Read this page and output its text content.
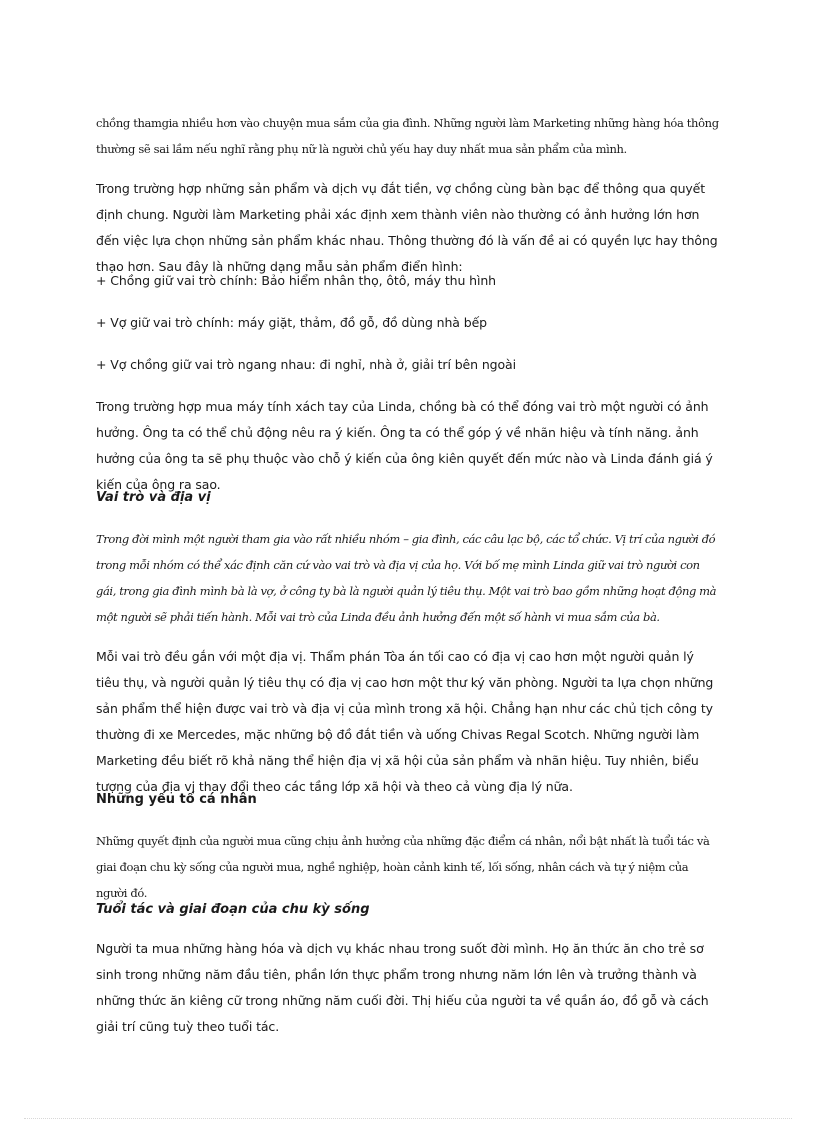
chồng thamgia nhiều hơn vào chuyện mua sắm của gia đình. Những người làm Marketing những hàng hóa thông thường sẽ sai lầm nếu nghĩ rằng phụ nữ là người chủ yếu hay duy nhất mua sản phẩm của mình.

Trong trường hợp những sản phẩm và dịch vụ đắt tiền, vợ chồng cùng bàn bạc để thông qua quyết định chung. Người làm Marketing phải xác định xem thành viên nào thường có ảnh hưởng lớn hơn đến việc lựa chọn những sản phẩm khác nhau. Thông thường đó là vấn đề ai có quyền lực hay thông thạo hơn. Sau đây là những dạng mẫu sản phẩm điển hình:

+ Chồng giữ vai trò chính: Bảo hiểm nhân thọ, ôtô, máy thu hình

+ Vợ giữ vai trò chính: máy giặt, thảm, đồ gỗ, đồ dùng nhà bếp

+ Vợ chồng giữ vai trò ngang nhau: đi nghỉ, nhà ở, giải trí bên ngoài

Trong trường hợp mua máy tính xách tay của Linda, chồng bà có thể đóng vai trò một người có ảnh hưởng. Ông ta có thể chủ động nêu ra ý kiến. Ông ta có thể góp ý về nhãn hiệu và tính năng. ảnh hưởng của ông ta sẽ phụ thuộc vào chỗ ý kiến của ông kiên quyết đến mức nào và Linda đánh giá ý kiến của ông ra sao.

Vai trò và địa vị

Trong đời mình một người tham gia vào rất nhiều nhóm – gia đình, các câu lạc bộ, các tổ chức. Vị trí của người đó trong mỗi nhóm có thể xác định căn cứ vào vai trò và địa vị của họ. Với bố mẹ mình Linda giữ vai trò người con gái, trong gia đình mình bà là vợ, ở công ty bà là người quản lý tiêu thụ. Một vai trò bao gồm những hoạt động mà một người sẽ phải tiến hành. Mỗi vai trò của Linda đều ảnh hưởng đến một số hành vi mua sắm của bà.

Mỗi vai trò đều gắn với một địa vị. Thẩm phán Tòa án tối cao có địa vị cao hơn một người quản lý tiêu thụ, và người quản lý tiêu thụ có địa vị cao hơn một thư ký văn phòng. Người ta lựa chọn những sản phẩm thể hiện được vai trò và địa vị của mình trong xã hội. Chẳng hạn như các chủ tịch công ty thường đi xe Mercedes, mặc những bộ đồ đắt tiền và uống Chivas Regal Scotch. Những người làm Marketing đều biết rõ khả năng thể hiện địa vị xã hội của sản phẩm và nhãn hiệu. Tuy nhiên, biểu tượng của địa vị thay đổi theo các tầng lớp xã hội và theo cả vùng địa lý nữa.

Những yếu tố cá nhân

Những quyết định của người mua cũng chịu ảnh hưởng của những đặc điểm cá nhân, nổi bật nhất là tuổi tác và giai đoạn chu kỳ sống của người mua, nghề nghiệp, hoàn cảnh kinh tế, lối sống, nhân cách và tự ý niệm của người đó.

Tuổi tác và giai đoạn của chu kỳ sống

Người ta mua những hàng hóa và dịch vụ khác nhau trong suốt đời mình. Họ ăn thức ăn cho trẻ sơ sinh trong những năm đầu tiên, phần lớn thực phẩm trong nhưng năm lớn lên và trưởng thành và những thức ăn kiêng cữ trong những năm cuối đời. Thị hiếu của người ta về quần áo, đồ gỗ và cách giải trí cũng tuỳ theo tuổi tác.
